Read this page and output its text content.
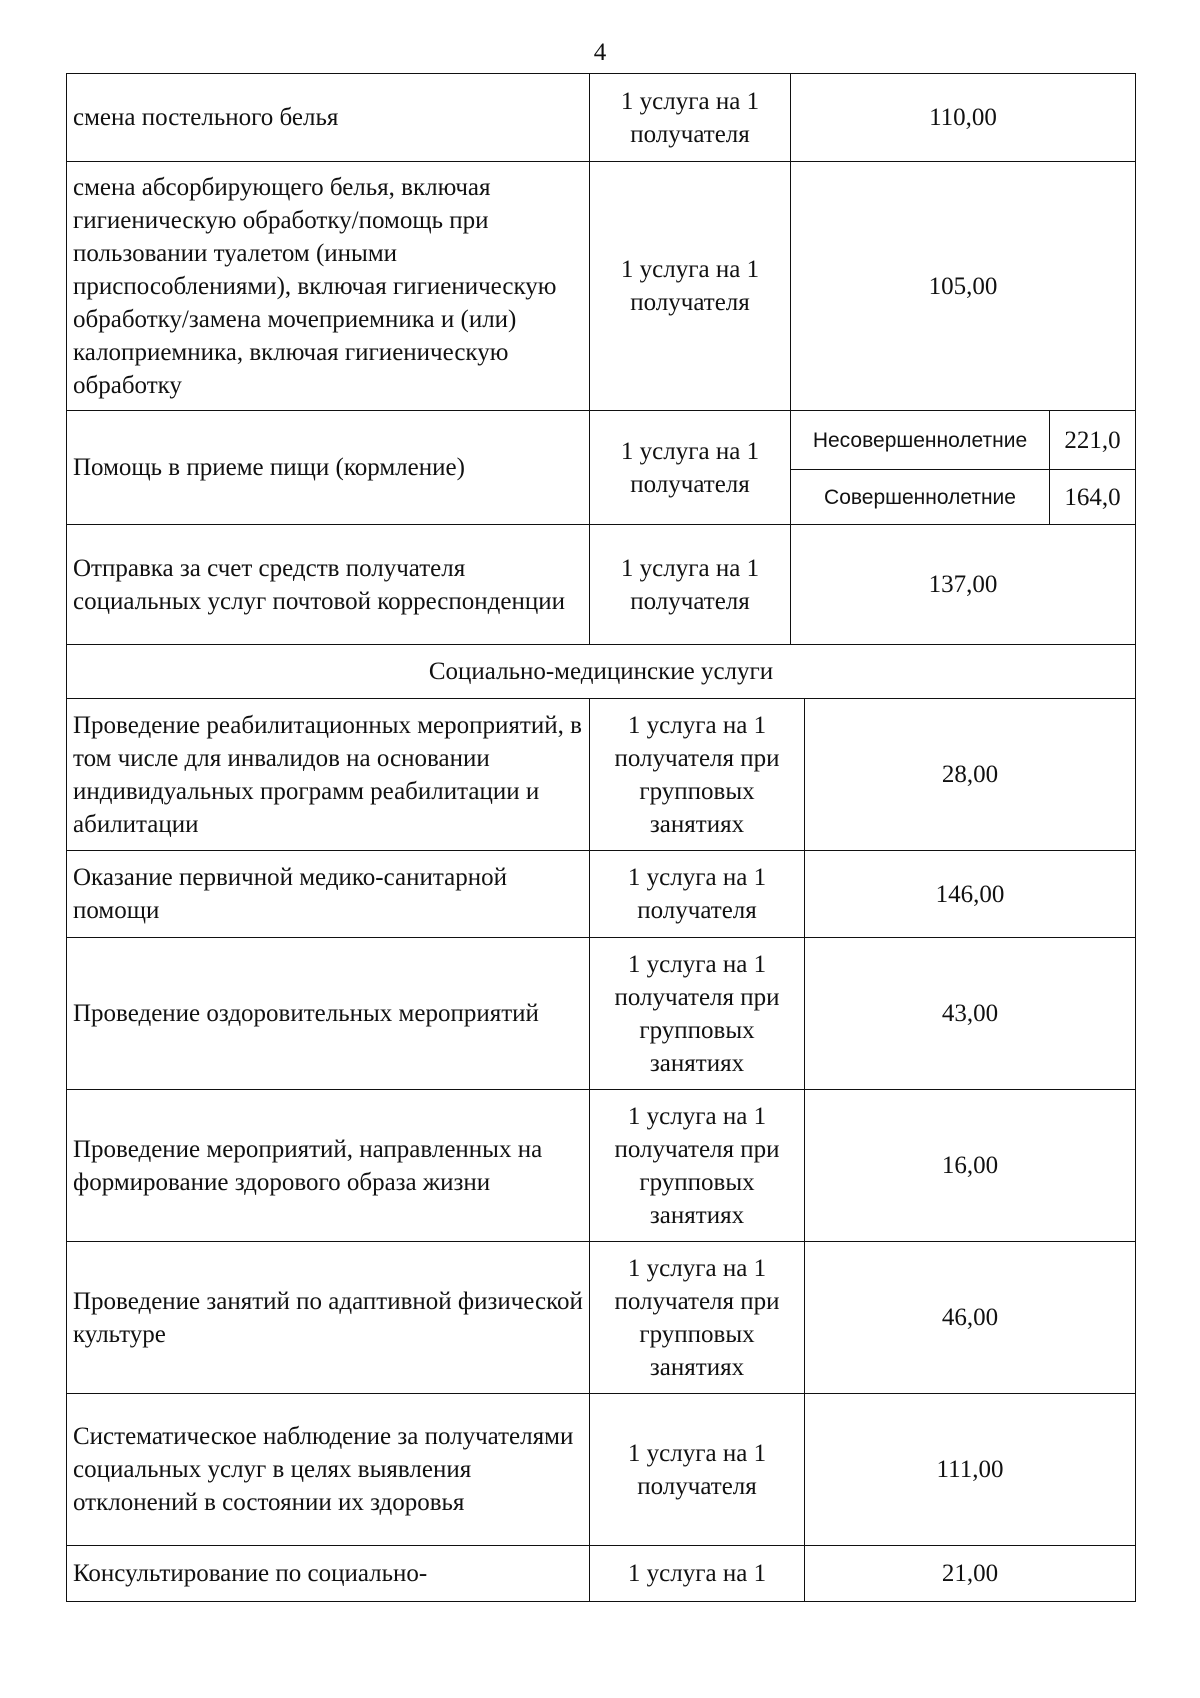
4
смена постельного белья	1 услуга на 1 получателя	110,00	
смена абсорбирующего белья, включая гигиеническую обработку/помощь при пользовании туалетом (иными приспособлениями), включая гигиеническую обработку/замена мочеприемника и (или) калоприемника, включая гигиеническую обработку	1 услуга на 1 получателя	105,00	
Помощь в приеме пищи (кормление)	1 услуга на 1 получателя	Несовершеннолетние	221,0
		Совершеннолетние	164,0
Отправка за счет средств получателя социальных услуг почтовой корреспонденции	1 услуга на 1 получателя	137,00	
Социально-медицинские услуги			
Проведение реабилитационных мероприятий, в том числе для инвалидов на основании индивидуальных программ реабилитации и абилитации	1 услуга на 1 получателя при групповых занятиях	28,00
Оказание первичной медико-санитарной помощи	1 услуга на 1 получателя	146,00
Проведение оздоровительных мероприятий	1 услуга на 1 получателя при групповых занятиях	43,00
Проведение мероприятий, направленных на формирование здорового образа жизни	1 услуга на 1 получателя при групповых занятиях	16,00
Проведение занятий по адаптивной физической культуре	1 услуга на 1 получателя при групповых занятиях	46,00
Систематическое наблюдение за получателями социальных услуг в целях выявления отклонений в состоянии их здоровья	1 услуга на 1 получателя	111,00
Консультирование по социально-	1 услуга на 1	21,00
